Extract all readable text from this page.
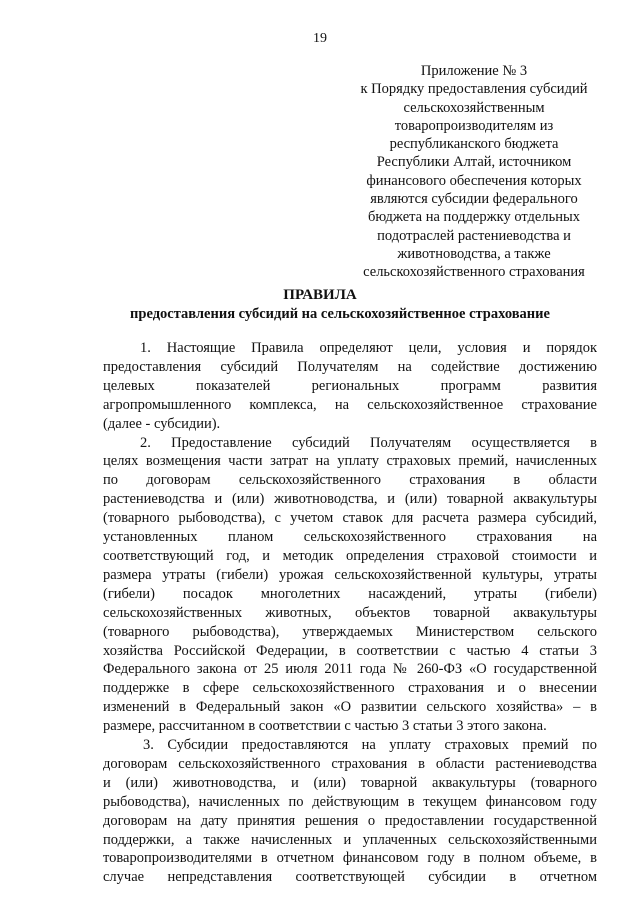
19
Приложение № 3
к Порядку предоставления субсидий
сельскохозяйственным
товаропроизводителям из
республиканского бюджета
Республики Алтай, источником
финансового обеспечения которых
являются субсидии федерального
бюджета на поддержку отдельных
подотраслей растениеводства и
животноводства, а также
сельскохозяйственного страхования
ПРАВИЛА
предоставления субсидий на сельскохозяйственное страхование
1. Настоящие Правила определяют цели, условия и порядок
предоставления субсидий Получателям на содействие достижению
целевых показателей региональных программ развития
агропромышленного комплекса, на сельскохозяйственное страхование
(далее - субсидии).
2. Предоставление субсидий Получателям осуществляется в
целях возмещения части затрат на уплату страховых премий, начисленных
по договорам сельскохозяйственного страхования в области
растениеводства и (или) животноводства, и (или) товарной аквакультуры
(товарного рыбоводства), с учетом ставок для расчета размера субсидий,
установленных планом сельскохозяйственного страхования на
соответствующий год, и методик определения страховой стоимости и
размера утраты (гибели) урожая сельскохозяйственной культуры, утраты
(гибели) посадок многолетних насаждений, утраты (гибели)
сельскохозяйственных животных, объектов товарной аквакультуры
(товарного рыбоводства), утверждаемых Министерством сельского
хозяйства Российской Федерации, в соответствии с частью 4 статьи 3
Федерального закона от 25 июля 2011 года № 260-ФЗ «О государственной
поддержке в сфере сельскохозяйственного страхования и о внесении
изменений в Федеральный закон «О развитии сельского хозяйства» – в
размере, рассчитанном в соответствии с частью 3 статьи 3 этого закона.
3. Субсидии предоставляются на уплату страховых премий по
договорам сельскохозяйственного страхования в области растениеводства
и (или) животноводства, и (или) товарной аквакультуры (товарного
рыбоводства), начисленных по действующим в текущем финансовом году
договорам на дату принятия решения о предоставлении государственной
поддержки, а также начисленных и уплаченных сельскохозяйственными
товаропроизводителями в отчетном финансовом году в полном объеме, в
случае непредставления соответствующей субсидии в отчетном
